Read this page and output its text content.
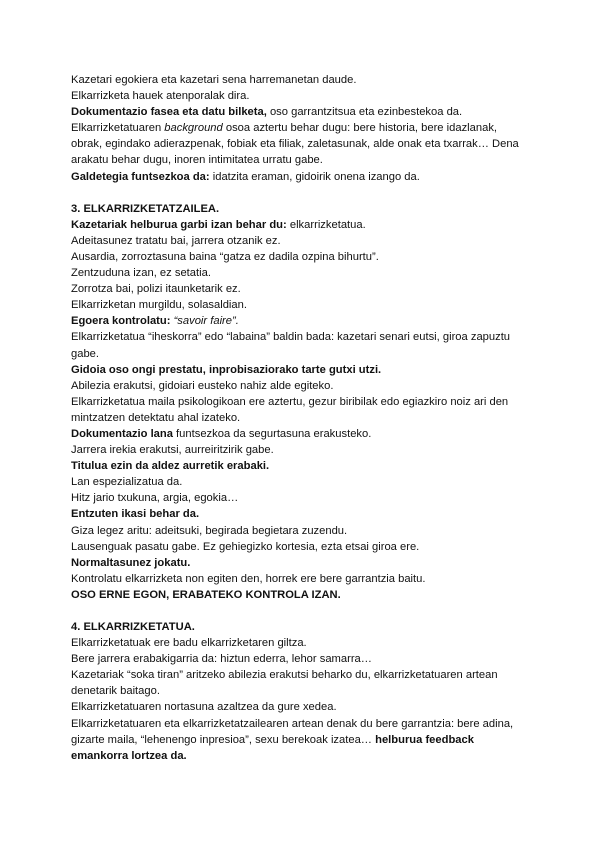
Kazetari egokiera eta kazetari sena harremanetan daude.
Elkarrizketa hauek atenporalak dira.
Dokumentazio fasea eta datu bilketa, oso garrantzitsua eta ezinbestekoa da.
Elkarrizketatuaren background osoa aztertu behar dugu: bere historia, bere idazlanak, obrak, egindako adierazpenak, fobiak eta filiak, zaletasunak, alde onak eta txarrak… Dena arakatu behar dugu, inoren intimitatea urratu gabe.
Galdetegia funtsezkoa da: idatzita eraman, gidoirik onena izango da.
3. ELKARRIZKETATZAILEA.
Kazetariak helburua garbi izan behar du: elkarrizketatua.
Adeitasunez tratatu bai, jarrera otzanik ez.
Ausardia, zorroztasuna baina “gatza ez dadila ozpina bihurtu”.
Zentzuduna izan, ez setatia.
Zorrotza bai, polizi itaunketarik ez.
Elkarrizketan murgildu, solasaldian.
Egoera kontrolatu: “savoir faire”.
Elkarrizketatua “iheskorra” edo “labaina” baldin bada: kazetari senari eutsi, giroa zapuztu gabe.
Gidoia oso ongi prestatu, inprobisaziorako tarte gutxi utzi.
Abilezia erakutsi, gidoiari eusteko nahiz alde egiteko.
Elkarrizketatua maila psikologikoan ere aztertu, gezur biribilak edo egiazkiro noiz ari den mintzatzen detektatu ahal izateko.
Dokumentazio lana funtsezkoa da segurtasuna erakusteko.
Jarrera irekia erakutsi, aurreiritzirik gabe.
Titulua ezin da aldez aurretik erabaki.
Lan espezializatua da.
Hitz jario txukuna, argia, egokia…
Entzuten ikasi behar da.
Giza legez aritu: adeitsuki, begirada begietara zuzendu.
Lausenguak pasatu gabe. Ez gehiegizko kortesia, ezta etsai giroa ere.
Normaltasunez jokatu.
Kontrolatu elkarrizketa non egiten den, horrek ere bere garrantzia baitu.
OSO ERNE EGON, ERABATEKO KONTROLA IZAN.
4. ELKARRIZKETATUA.
Elkarrizketatuak ere badu elkarrizketaren giltza.
Bere jarrera erabakigarria da: hiztun ederra, lehor samarra…
Kazetariak “soka tiran” aritzeko abilezia erakutsi beharko du, elkarrizketatuaren artean denetarik baitago.
Elkarrizketatuaren nortasuna azaltzea da gure xedea.
Elkarrizketatuaren eta elkarrizketatzailearen artean denak du bere garrantzia: bere adina, gizarte maila, “lehenengo inpresioa”, sexu berekoak izatea… helburua feedback emankorra lortzea da.
